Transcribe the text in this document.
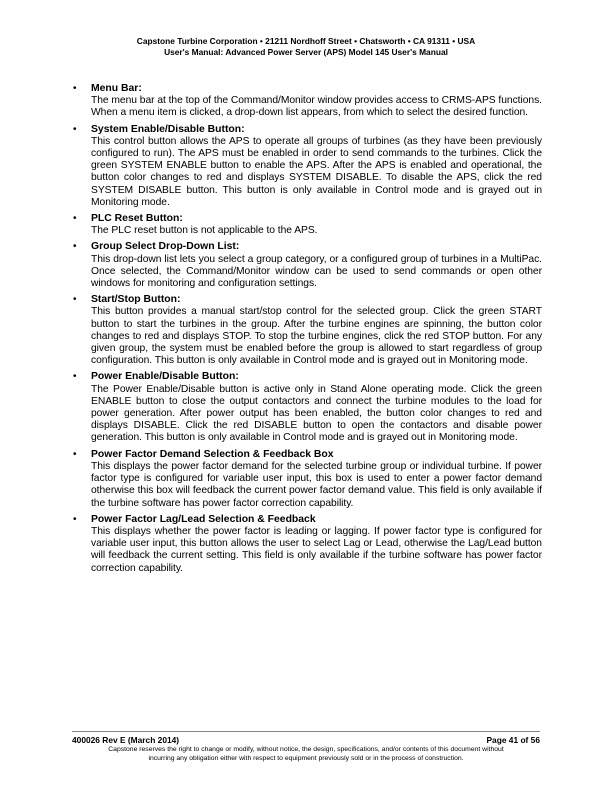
Capstone Turbine Corporation • 21211 Nordhoff Street • Chatsworth • CA 91311 • USA
User's Manual: Advanced Power Server (APS) Model 145 User's Manual
• Menu Bar:
The menu bar at the top of the Command/Monitor window provides access to CRMS-APS functions. When a menu item is clicked, a drop-down list appears, from which to select the desired function.
• System Enable/Disable Button:
This control button allows the APS to operate all groups of turbines (as they have been previously configured to run). The APS must be enabled in order to send commands to the turbines. Click the green SYSTEM ENABLE button to enable the APS. After the APS is enabled and operational, the button color changes to red and displays SYSTEM DISABLE. To disable the APS, click the red SYSTEM DISABLE button. This button is only available in Control mode and is grayed out in Monitoring mode.
• PLC Reset Button:
The PLC reset button is not applicable to the APS.
• Group Select Drop-Down List:
This drop-down list lets you select a group category, or a configured group of turbines in a MultiPac. Once selected, the Command/Monitor window can be used to send commands or open other windows for monitoring and configuration settings.
• Start/Stop Button:
This button provides a manual start/stop control for the selected group. Click the green START button to start the turbines in the group. After the turbine engines are spinning, the button color changes to red and displays STOP. To stop the turbine engines, click the red STOP button. For any given group, the system must be enabled before the group is allowed to start regardless of group configuration. This button is only available in Control mode and is grayed out in Monitoring mode.
• Power Enable/Disable Button:
The Power Enable/Disable button is active only in Stand Alone operating mode. Click the green ENABLE button to close the output contactors and connect the turbine modules to the load for power generation. After power output has been enabled, the button color changes to red and displays DISABLE. Click the red DISABLE button to open the contactors and disable power generation. This button is only available in Control mode and is grayed out in Monitoring mode.
• Power Factor Demand Selection & Feedback Box
This displays the power factor demand for the selected turbine group or individual turbine. If power factor type is configured for variable user input, this box is used to enter a power factor demand otherwise this box will feedback the current power factor demand value. This field is only available if the turbine software has power factor correction capability.
• Power Factor Lag/Lead Selection & Feedback
This displays whether the power factor is leading or lagging. If power factor type is configured for variable user input, this button allows the user to select Lag or Lead, otherwise the Lag/Lead button will feedback the current setting. This field is only available if the turbine software has power factor correction capability.
400026 Rev E (March 2014)	Page 41 of 56
Capstone reserves the right to change or modify, without notice, the design, specifications, and/or contents of this document without
incurring any obligation either with respect to equipment previously sold or in the process of construction.
